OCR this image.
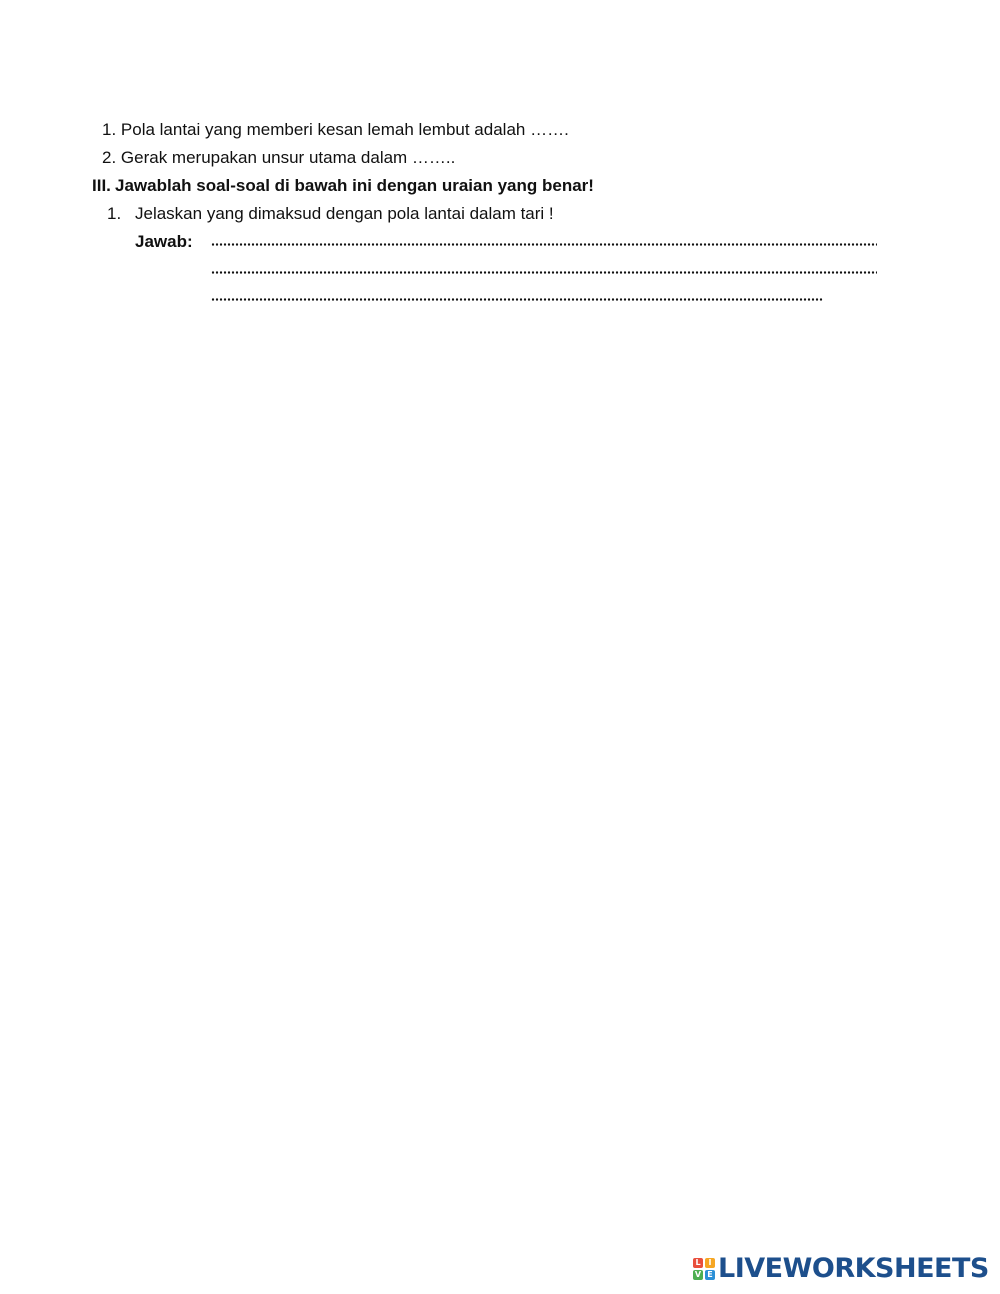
1. Pola lantai yang memberi kesan lemah lembut adalah …….
2. Gerak merupakan unsur utama dalam ……..
III. Jawablah soal-soal di bawah ini dengan uraian yang benar!
1. Jelaskan yang dimaksud dengan pola lantai dalam tari !
Jawab:
L I
V E LIVEWORKSHEETS
